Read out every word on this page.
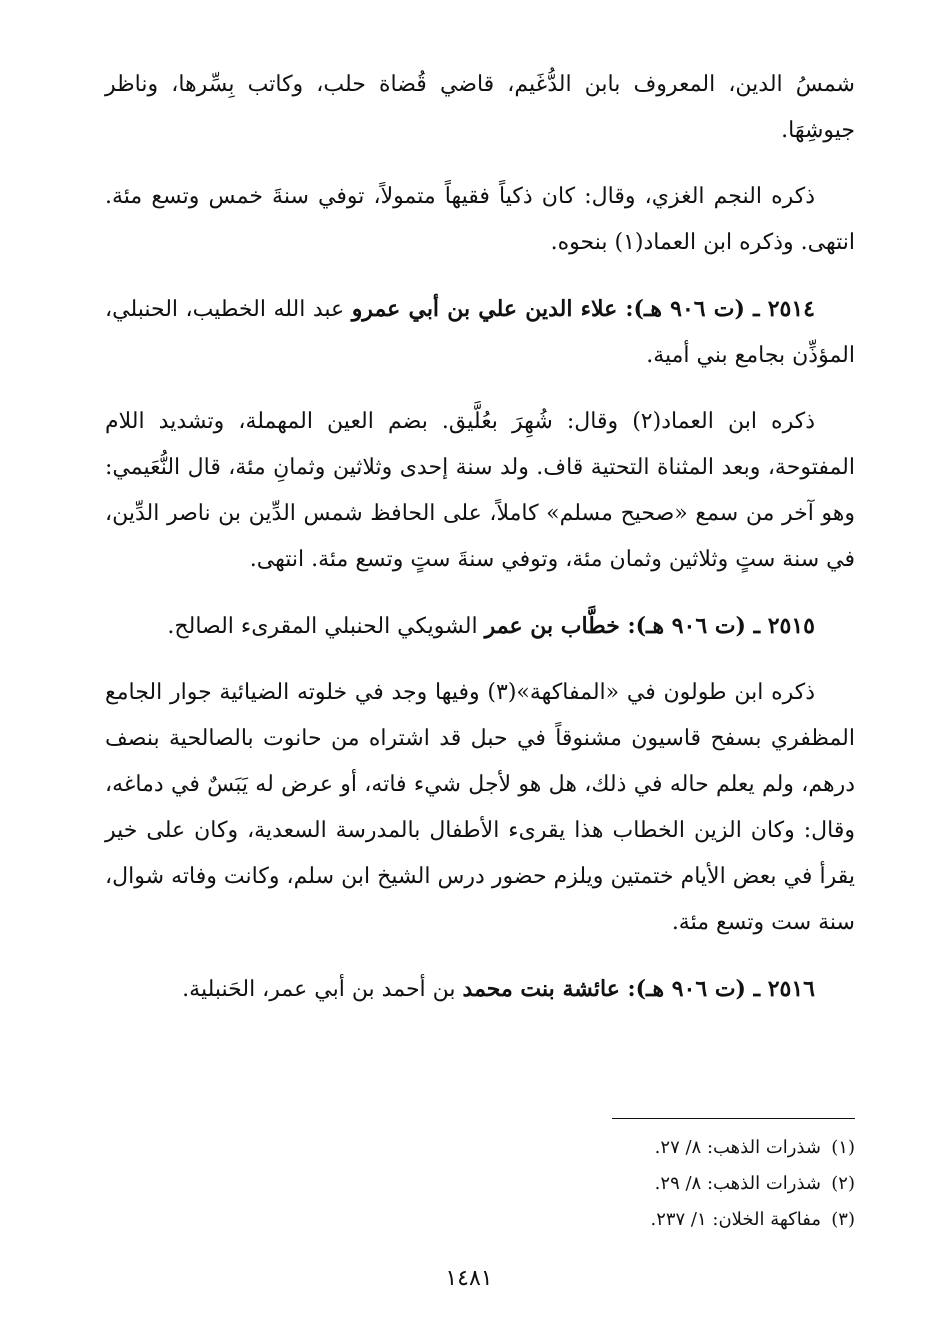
شمسُ الدين، المعروف بابن الدُّغَيم، قاضي قُضاة حلب، وكاتب بِسِّرها، وناظر جيوشِهَا.

ذكره النجم الغزي، وقال: كان ذكياً فقيهاً متمولاً، توفي سنةَ خمس وتسع مئة. انتهى. وذكره ابن العماد(١) بنحوه.

٢٥١٤ ـ (ت ٩٠٦ هـ): علاء الدين علي بن أبي عمرو عبد الله الخطيب، الحنبلي، المؤذِّن بجامع بني أمية.

ذكره ابن العماد(٢) وقال: شُهِرَ بعُلَّيق. بضم العين المهملة، وتشديد اللام المفتوحة، وبعد المثناة التحتية قاف. ولد سنة إحدى وثلاثين وثمانِ مئة، قال النُّعَيمي: وهو آخر من سمع «صحيح مسلم» كاملاً، على الحافظ شمس الدِّين بن ناصر الدِّين، في سنة ستٍ وثلاثين وثمان مئة، وتوفي سنةَ ستٍ وتسع مئة. انتهى.

٢٥١٥ ـ (ت ٩٠٦ هـ): خطَّاب بن عمر الشويكي الحنبلي المقرىء الصالح.

ذكره ابن طولون في «المفاكهة»(٣) وفيها وجد في خلوته الضيائية جوار الجامع المظفري بسفح قاسيون مشنوقاً في حبل قد اشتراه من حانوت بالصالحية بنصف درهم، ولم يعلم حاله في ذلك، هل هو لأجل شيء فاته، أو عرض له يَبَسٌ في دماغه، وقال: وكان الزين الخطاب هذا يقرىء الأطفال بالمدرسة السعدية، وكان على خير يقرأ في بعض الأيام ختمتين ويلزم حضور درس الشيخ ابن سلم، وكانت وفاته شوال، سنة ست وتسع مئة.

٢٥١٦ ـ (ت ٩٠٦ هـ): عائشة بنت محمد بن أحمد بن أبي عمر، الحَنبلية.

(١)شذرات الذهب: ٨/ ٢٧.

(٢)شذرات الذهب: ٨/ ٢٩.

(٣)مفاكهة الخلان: ١/ ٢٣٧.

١٤٨١
